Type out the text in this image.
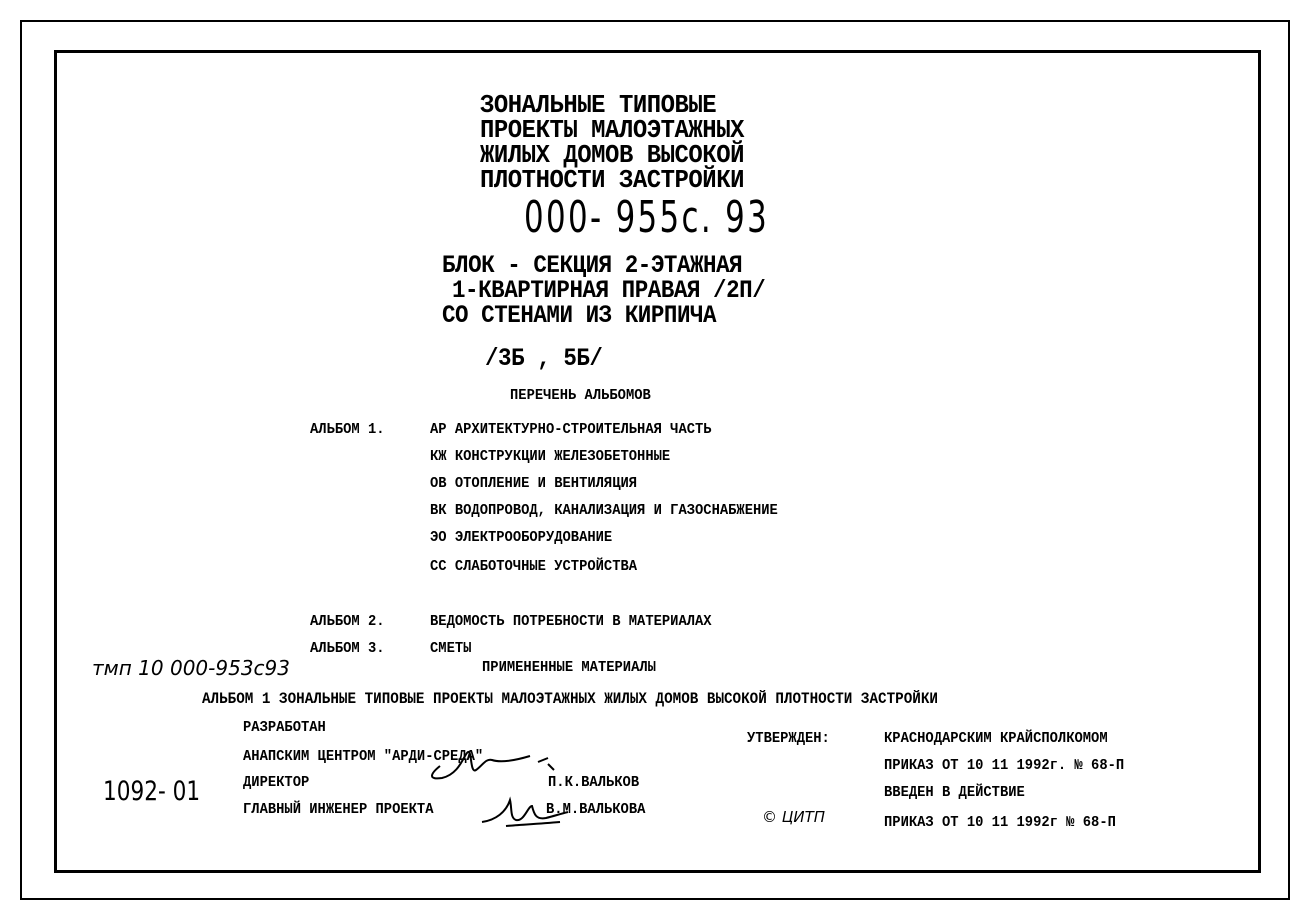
ЗОНАЛЬНЫЕ ТИПОВЫЕ
ПРОЕКТЫ МАЛОЭТАЖНЫХ
ЖИЛЫХ ДОМОВ ВЫСОКОЙ
ПЛОТНОСТИ ЗАСТРОЙКИ
000- 955с. 93
БЛОК - СЕКЦИЯ 2-ЭТАЖНАЯ
1-КВАРТИРНАЯ ПРАВАЯ /2П/
СО СТЕНАМИ ИЗ КИРПИЧА
/3Б , 5Б/
ПЕРЕЧЕНЬ АЛЬБОМОВ
АЛЬБОМ 1.	АР АРХИТЕКТУРНО-СТРОИТЕЛЬНАЯ ЧАСТЬ
КЖ КОНСТРУКЦИИ ЖЕЛЕЗОБЕТОННЫЕ
ОВ ОТОПЛЕНИЕ И ВЕНТИЛЯЦИЯ
ВК ВОДОПРОВОД, КАНАЛИЗАЦИЯ И ГАЗОСНАБЖЕНИЕ
ЭО ЭЛЕКТРООБОРУДОВАНИЕ
СС СЛАБОТОЧНЫЕ УСТРОЙСТВА
АЛЬБОМ 2.	ВЕДОМОСТЬ ПОТРЕБНОСТИ В МАТЕРИАЛАХ
АЛЬБОМ 3.	СМЕТЫ
тмп 10 000-953с93	ПРИМЕНЕННЫЕ МАТЕРИАЛЫ
АЛЬБОМ 1 ЗОНАЛЬНЫЕ ТИПОВЫЕ ПРОЕКТЫ МАЛОЭТАЖНЫХ ЖИЛЫХ ДОМОВ ВЫСОКОЙ ПЛОТНОСТИ ЗАСТРОЙКИ
РАЗРАБОТАН
АНАПСКИМ ЦЕНТРОМ "АРДИ-СРЕДА"
ДИРЕКТОР	П.К.ВАЛЬКОВ
ГЛАВНЫЙ ИНЖЕНЕР ПРОЕКТА	В.М.ВАЛЬКОВА
1092- 01
© ЦИТП
УТВЕРЖДЕН:	КРАСНОДАРСКИМ КРАЙСПОЛКОМОМ
ПРИКАЗ ОТ 10 11 1992г. № 68-П
ВВЕДЕН В ДЕЙСТВИЕ
ПРИКАЗ ОТ 10 11 1992г № 68-П
